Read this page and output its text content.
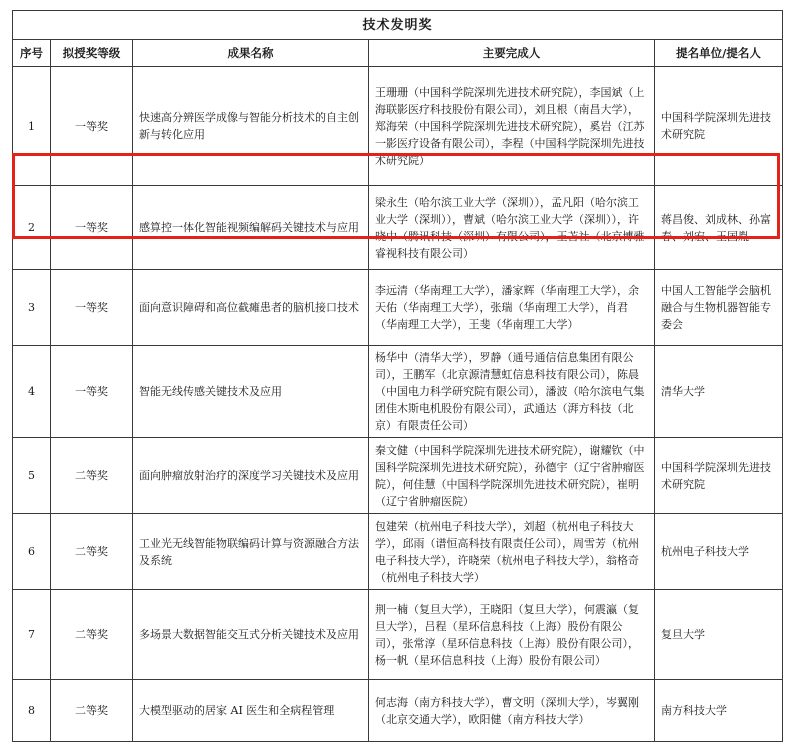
技术发明奖				
序号	拟授奖等级	成果名称	主要完成人	提名单位/提名人
1	一等奖	快速高分辨医学成像与智能分析技术的自主创新与转化应用	王珊珊（中国科学院深圳先进技术研究院），李国斌（上海联影医疗科技股份有限公司），刘且根（南昌大学），郑海荣（中国科学院深圳先进技术研究院），奚岩（江苏一影医疗设备有限公司），李程（中国科学院深圳先进技术研究院）	中国科学院深圳先进技术研究院
2	一等奖	感算控一体化智能视频编解码关键技术与应用	梁永生（哈尔滨工业大学（深圳）），孟凡阳（哈尔滨工业大学（深圳）），曹斌（哈尔滨工业大学（深圳）），许晓中（腾讯科技（深圳）有限公司），王苫社（北京博雅睿视科技有限公司）	蒋昌俊、刘成林、孙富春、刘宏、王国胤
3	一等奖	面向意识障碍和高位截瘫患者的脑机接口技术	李远清（华南理工大学），潘家辉（华南理工大学），余天佑（华南理工大学），张瑞（华南理工大学），肖君（华南理工大学），王斐（华南理工大学）	中国人工智能学会脑机融合与生物机器智能专委会
4	一等奖	智能无线传感关键技术及应用	杨华中（清华大学），罗静（通号通信信息集团有限公司），王鹏军（北京源清慧虹信息科技有限公司），陈晨（中国电力科学研究院有限公司），潘波（哈尔滨电气集团佳木斯电机股份有限公司），武通达（湃方科技（北京）有限责任公司）	清华大学
5	二等奖	面向肿瘤放射治疗的深度学习关键技术及应用	秦文健（中国科学院深圳先进技术研究院），谢耀钦（中国科学院深圳先进技术研究院），孙德宇（辽宁省肿瘤医院），何佳慧（中国科学院深圳先进技术研究院），崔明（辽宁省肿瘤医院）	中国科学院深圳先进技术研究院
6	二等奖	工业光无线智能物联编码计算与资源融合方法及系统	包建荣（杭州电子科技大学），刘超（杭州电子科技大学），邱雨（谱恒高科技有限责任公司），周雪芳（杭州电子科技大学），许晓荣（杭州电子科技大学），翁格奇（杭州电子科技大学）	杭州电子科技大学
7	二等奖	多场景大数据智能交互式分析关键技术及应用	荆一楠（复旦大学），王晓阳（复旦大学），何震瀛（复旦大学），吕程（星环信息科技（上海）股份有限公司），张常淳（星环信息科技（上海）股份有限公司），杨一帆（星环信息科技（上海）股份有限公司）	复旦大学
8	二等奖	大模型驱动的居家 AI 医生和全病程管理	何志海（南方科技大学），曹文明（深圳大学），岑翼刚（北京交通大学），欧阳健（南方科技大学）	南方科技大学
